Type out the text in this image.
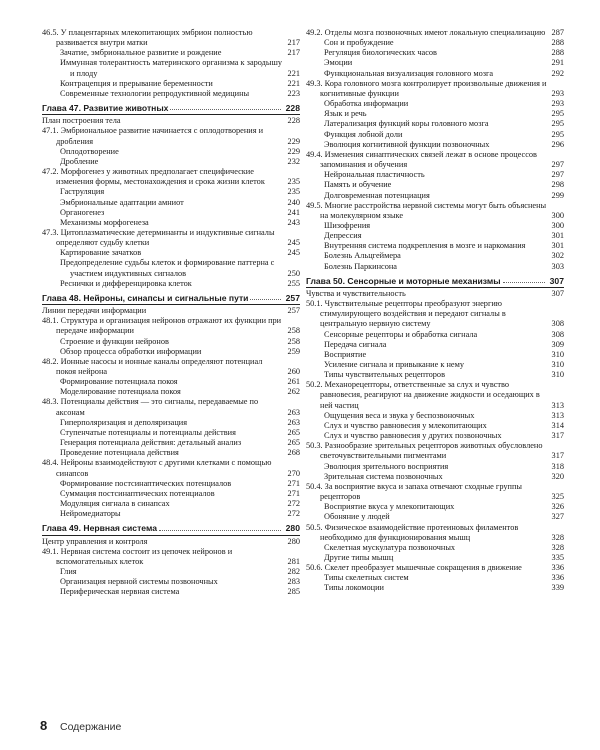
46.5. У плацентарных млекопитающих эмбрион полностью развивается внутри матки	217
Зачатие, эмбриональное развитие и рождение	217
Иммунная толерантность материнского организма к зародышу и плоду	221
Контрацепция и прерывание беременности	221
Современные технологии репродуктивной медицины	223
Глава 47.
Развитие животных	228
План построения тела	228
47.1. Эмбриональное развитие начинается с оплодотворения и дробления	229
Оплодотворение	229
Дробление	232
47.2. Морфогенез у животных предполагает специфические изменения формы, местонахождения и срока жизни клеток	235
Гаструляция	235
Эмбриональные адаптации амниот	240
Органогенез	241
Механизмы морфогенеза	243
47.3. Цитоплазматические детерминанты и индуктивные сигналы определяют судьбу клетки	245
Картирование зачатков	245
Предопределение судьбы клеток и формирование паттерна с участием индуктивных сигналов	250
Реснички и дифференцировка клеток	255
Глава 48.
Нейроны, синапсы и сигнальные пути	257
Линии передачи информации	257
48.1. Структура и организация нейронов отражают их функции при передаче информации	258
Строение и функции нейронов	258
Обзор процесса обработки информации	259
48.2. Ионные насосы и ионные каналы определяют потенциал покоя нейрона	260
Формирование потенциала покоя	261
Моделирование потенциала покоя	262
48.3. Потенциалы действия — это сигналы, передаваемые по аксонам	263
Гиперполяризация и деполяризация	263
Ступенчатые потенциалы и потенциалы действия	265
Генерация потенциала действия: детальный анализ	265
Проведение потенциала действия	268
48.4. Нейроны взаимодействуют с другими клетками с помощью синапсов	270
Формирование постсинаптических потенциалов	271
Суммация постсинаптических потенциалов	271
Модуляция сигнала в синапсах	272
Нейромедиаторы	272
Глава 49.
Нервная система	280
Центр управления и контроля	280
49.1. Нервная система состоит из цепочек нейронов и вспомогательных клеток	281
Глия	282
Организация нервной системы позвоночных	283
Периферическая нервная система	285
49.2. Отделы мозга позвоночных имеют локальную специализацию 287
Сон и пробуждение	288
Регуляция биологических часов	288
Эмоции	291
Функциональная визуализация головного мозга	292
49.3. Кора головного мозга контролирует произвольные движения и когнитивные функции	293
Обработка информации	293
Язык и речь	295
Латерализация функций коры головного мозга	295
Функция лобной доли	295
Эволюция когнитивной функции позвоночных	296
49.4. Изменения синаптических связей лежат в основе процессов запоминания и обучения	297
Нейрональная пластичность	297
Память и обучение	298
Долговременная потенциация	299
49.5. Многие расстройства нервной системы могут быть объяснены на молекулярном языке	300
Шизофрения	300
Депрессия	301
Внутренняя система подкрепления в мозге и наркомания	301
Болезнь Альцгеймера	302
Болезнь Паркинсона	303
Глава 50.
Сенсорные и моторные механизмы	307
Чувства и чувствительность	307
50.1. Чувствительные рецепторы преобразуют энергию стимулирующего воздействия и передают сигналы в центральную нервную систему	308
Сенсорные рецепторы и обработка сигнала	308
Передача сигнала	309
Восприятие	310
Усиление сигнала и привыкание к нему	310
Типы чувствительных рецепторов	310
50.2. Механорецепторы, ответственные за слух и чувство равновесия, реагируют на движение жидкости и оседающих в ней частиц	313
Ощущения веса и звука у беспозвоночных	313
Слух и чувство равновесия у млекопитающих	314
Слух и чувство равновесия у других позвоночных	317
50.3. Разнообразие зрительных рецепторов животных обусловлено светочувствительными пигментами	317
Эволюция зрительного восприятия	318
Зрительная система позвоночных	320
50.4. За восприятие вкуса и запаха отвечают сходные группы рецепторов	325
Восприятие вкуса у млекопитающих	326
Обоняние у людей	327
50.5. Физическое взаимодействие протеиновых филаментов необходимо для функционирования мышц	328
Скелетная мускулатура позвоночных	328
Другие типы мышц	335
50.6. Скелет преобразует мышечные сокращения в движение	336
Типы скелетных систем	336
Типы локомоции	339
8 Содержание
